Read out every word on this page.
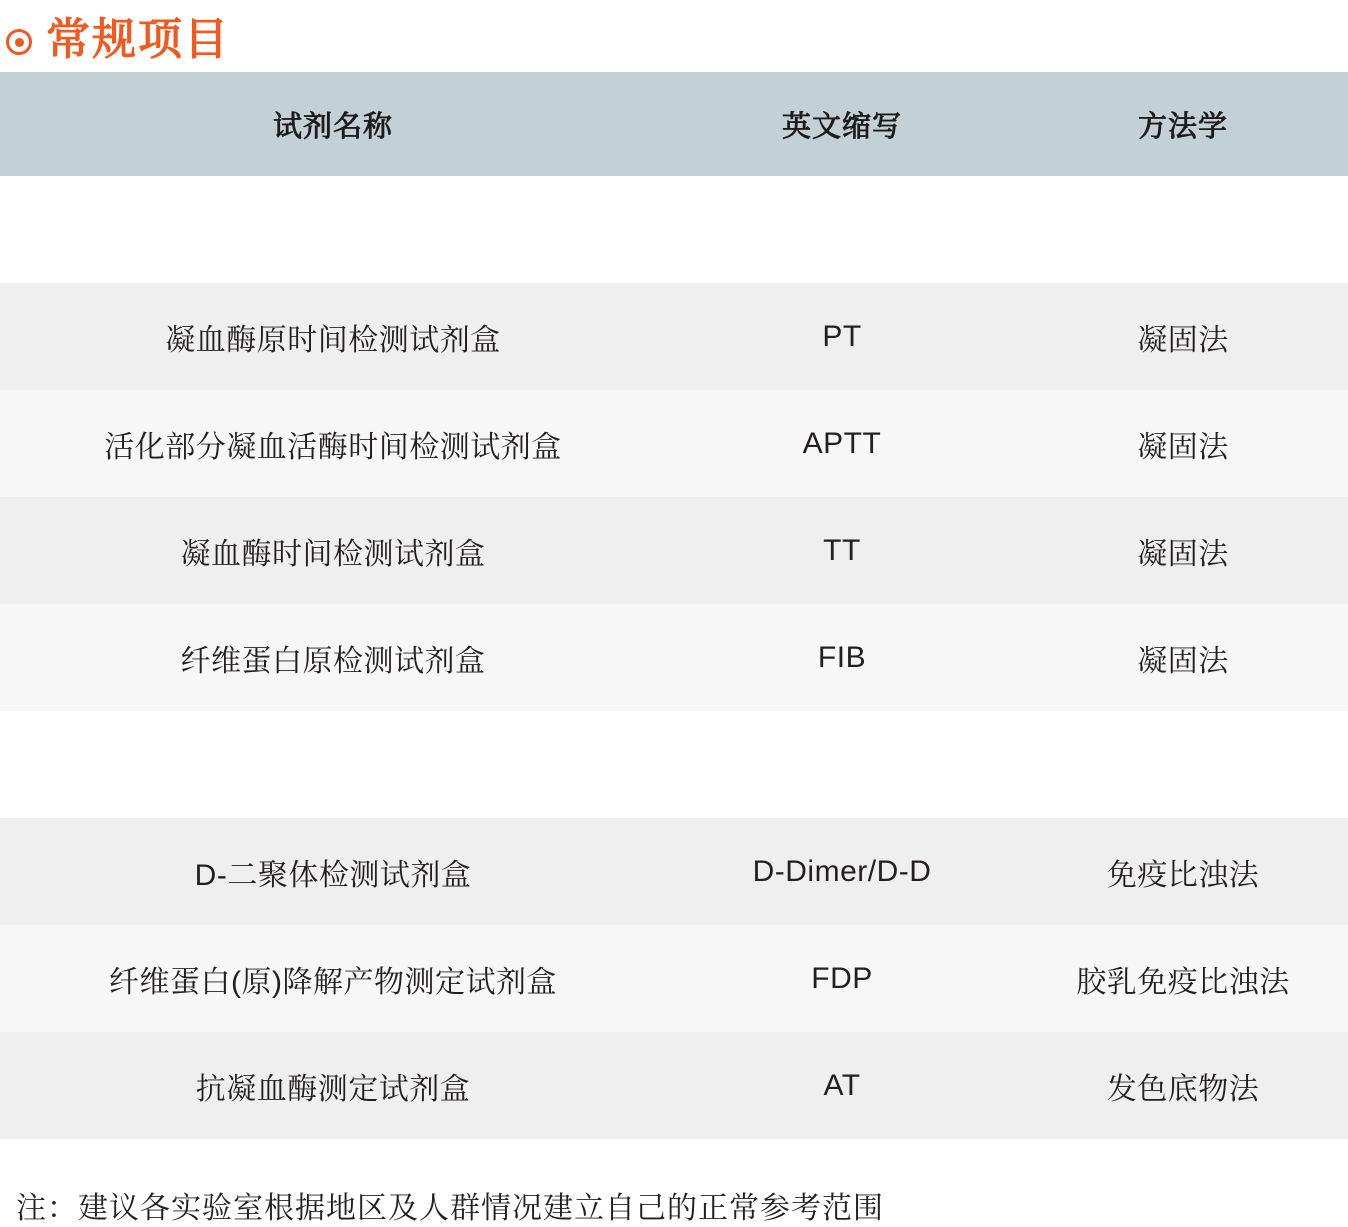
常规项目
试剂名称	英文缩写	方法学

凝血酶原时间检测试剂盒	PT	凝固法
活化部分凝血活酶时间检测试剂盒	APTT	凝固法
凝血酶时间检测试剂盒	TT	凝固法
纤维蛋白原检测试剂盒	FIB	凝固法

D-二聚体检测试剂盒	D-Dimer/D-D	免疫比浊法
纤维蛋白(原)降解产物测定试剂盒	FDP	胶乳免疫比浊法
抗凝血酶测定试剂盒	AT	发色底物法
注：建议各实验室根据地区及人群情况建立自己的正常参考范围
